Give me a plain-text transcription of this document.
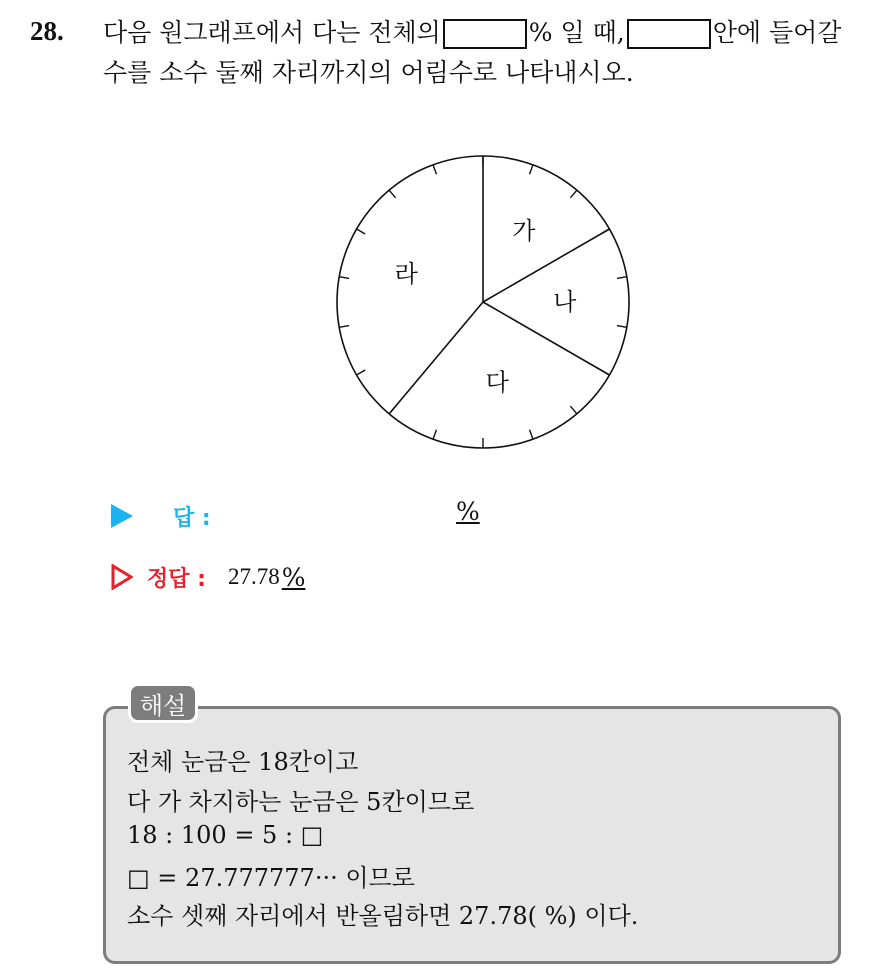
28. 다음 원그래프에서 다는 전체의	% 일 때,	안에 들어갈
수를 소수 둘째 자리까지의 어림수로 나타내시오.
가
나
다
라
답 :	%
정답 : 27.78 %
해설
전체 눈금은 18칸이고
다 가 차지하는 눈금은 5칸이므로
18 : 100 = 5 : □
□ = 27.777777··· 이므로
소수 셋째 자리에서 반올림하면 27.78( %) 이다.
